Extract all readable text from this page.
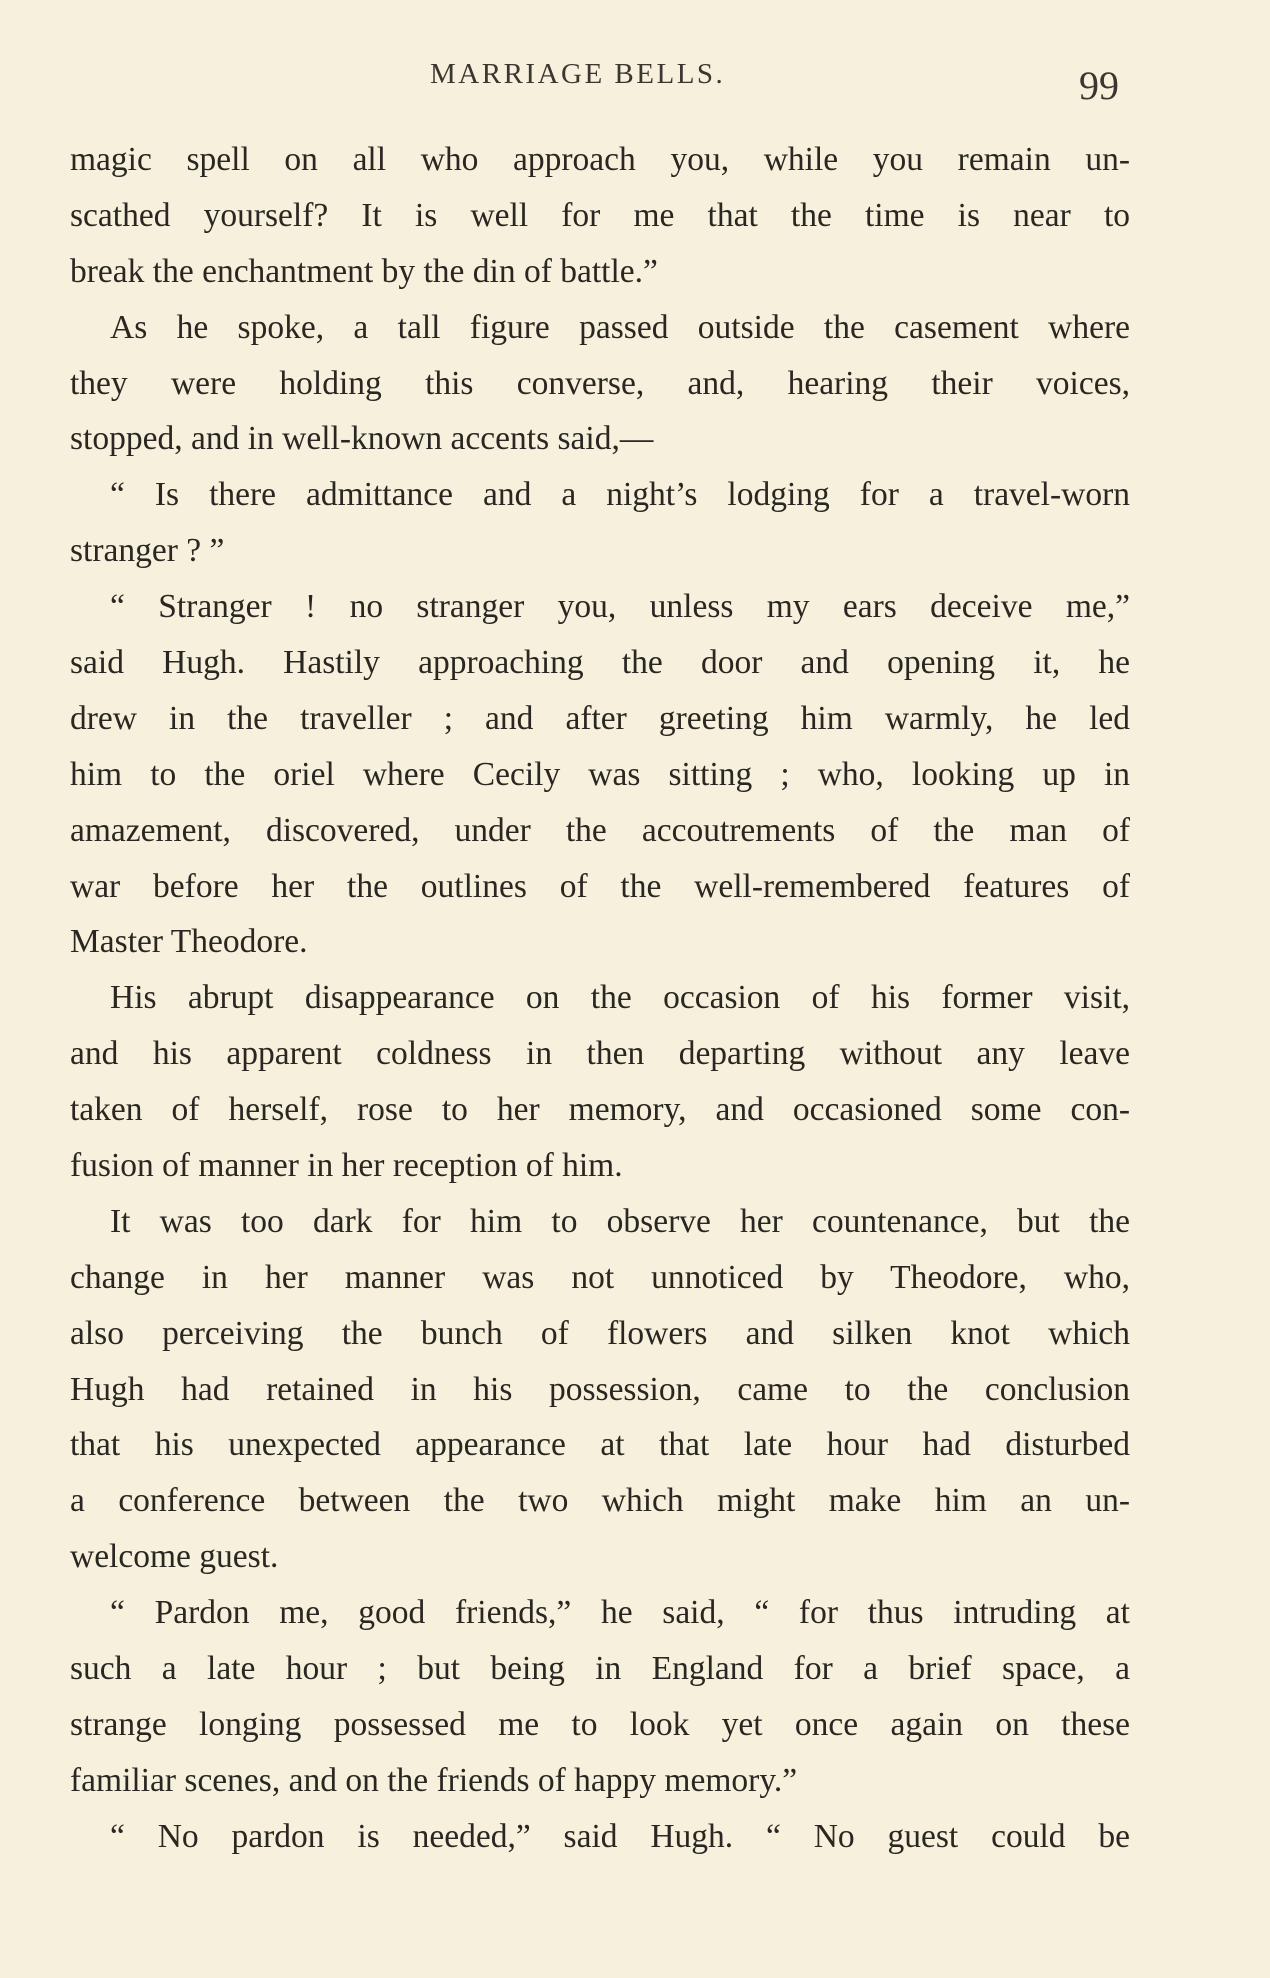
MARRIAGE BELLS.	99
magic spell on all who approach you, while you remain un-
scathed yourself? It is well for me that the time is near to
break the enchantment by the din of battle.”
As he spoke, a tall figure passed outside the casement where
they were holding this converse, and, hearing their voices,
stopped, and in well-known accents said,—
“ Is there admittance and a night’s lodging for a travel-worn
stranger ? ”
“ Stranger ! no stranger you, unless my ears deceive me,”
said Hugh. Hastily approaching the door and opening it, he
drew in the traveller ; and after greeting him warmly, he led
him to the oriel where Cecily was sitting ; who, looking up in
amazement, discovered, under the accoutrements of the man of
war before her the outlines of the well-remembered features of
Master Theodore.
His abrupt disappearance on the occasion of his former visit,
and his apparent coldness in then departing without any leave
taken of herself, rose to her memory, and occasioned some con-
fusion of manner in her reception of him.
It was too dark for him to observe her countenance, but the
change in her manner was not unnoticed by Theodore, who,
also perceiving the bunch of flowers and silken knot which
Hugh had retained in his possession, came to the conclusion
that his unexpected appearance at that late hour had disturbed
a conference between the two which might make him an un-
welcome guest.
“ Pardon me, good friends,” he said, “ for thus intruding at
such a late hour ; but being in England for a brief space, a
strange longing possessed me to look yet once again on these
familiar scenes, and on the friends of happy memory.”
“ No pardon is needed,” said Hugh. “ No guest could be
